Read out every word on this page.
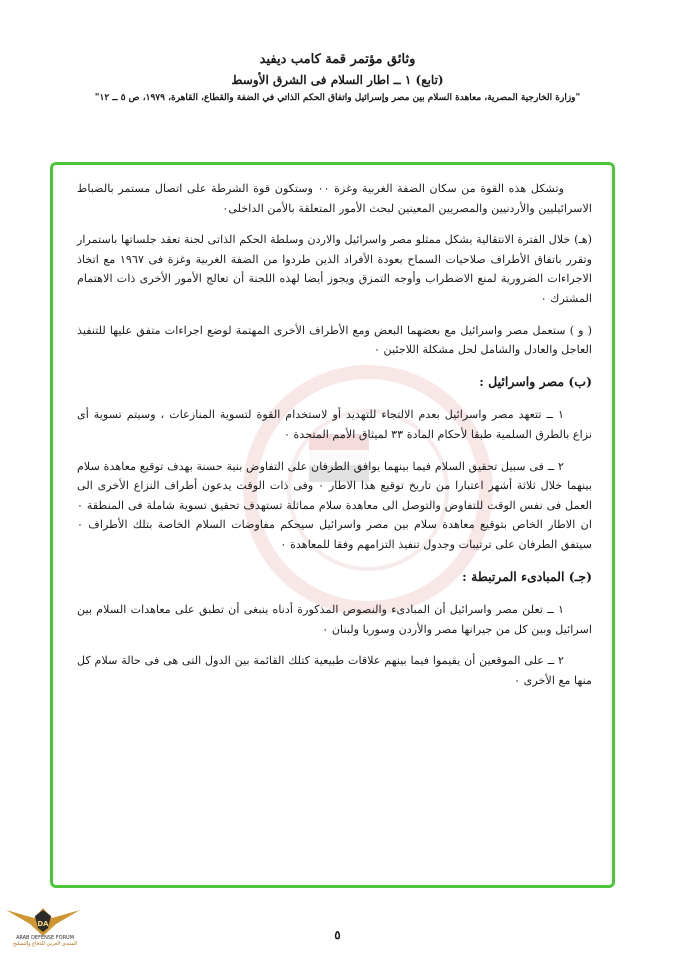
وثائق مؤتمر قمة كامب ديفيد

(تابع) ١ ــ اطار السلام فى الشرق الأوسط

"وزارة الخارجية المصرية، معاهدة السلام بين مصر وإسرائيل واتفاق الحكم الذاتي في الضفة والقطاع، القاهرة، ١٩٧٩، ص ٥ ــ ١٢"

وتشكل هذه القوة من سكان الضفة الغربية وغزة ٠٠ وستكون قوة الشرطة على اتصال مستمر بالضباط الاسرائيليين والأردنيين والمصريين المعينين لبحث الأمور المتعلقة بالأمن الداخلى٠

(هـ) خلال الفترة الانتقالية يشكل ممثلو مصر واسرائيل والاردن وسلطة الحكم الذاتى لجنة تعقد جلساتها باستمرار وتقرر باتفاق الأطراف صلاحيات السماح بعودة الأفراد الذين طردوا من الضفة الغربية وغزة فى ١٩٦٧ مع اتخاذ الاجراءات الضرورية لمنع الاضطراب وأوجه التمزق ويجوز أيضا لهذه اللجنة أن تعالج الأمور الأخرى ذات الاهتمام المشترك ٠

( و ) ستعمل مصر واسرائيل مع بعضهما البعض ومع الأطراف الأخرى المهتمة لوضع اجراءات متفق عليها للتنفيذ العاجل والعادل والشامل لحل مشكلة اللاجئين ٠

(ب) مصر واسرائيل :

١ ــ تتعهد مصر واسرائيل بعدم الالتجاء للتهديد أو لاستخدام القوة لتسوية المنازعات ، وسيتم تسوية أى نزاع بالطرق السلمية طبقا لأحكام المادة ٣٣ لميثاق الأمم المتحدة ٠

٢ ــ فى سبيل تحقيق السلام فيما بينهما يوافق الطرفان على التفاوض بنية حسنة بهدف توقيع معاهدة سلام بينهما خلال ثلاثة أشهر اعتبارا من تاريخ توقيع هذا الاطار ٠ وفى ذات الوقت يدعون أطراف النزاع الأخرى الى العمل فى نفس الوقت للتفاوض والتوصل الى معاهدة سلام مماثلة تستهدف تحقيق تسوية شاملة فى المنطقة ٠ ان الاطار الخاص بتوقيع معاهدة سلام بين مصر واسرائيل سيحكم مفاوضات السلام الخاصة بتلك الأطراف ٠ سيتفق الطرفان على ترتيبات وجدول تنفيذ التزامهم وفقا للمعاهدة ٠

(جـ) المبادىء المرتبطة :

١ ــ تعلن مصر واسرائيل أن المبادىء والنصوص المذكورة أدناه ينبغى أن تطبق على معاهدات السلام بين اسرائيل وبين كل من جيرانها مصر والأردن وسوريا ولبنان ٠

٢ ــ على الموقعين أن يقيموا فيما بينهم علاقات طبيعية كتلك القائمة بين الدول التى هى فى حالة سلام كل منها مع الأخرى ٠

٥
DA
ARAB DEFENSE FORUM
المنتدى العربي للدفاع والتسليح
